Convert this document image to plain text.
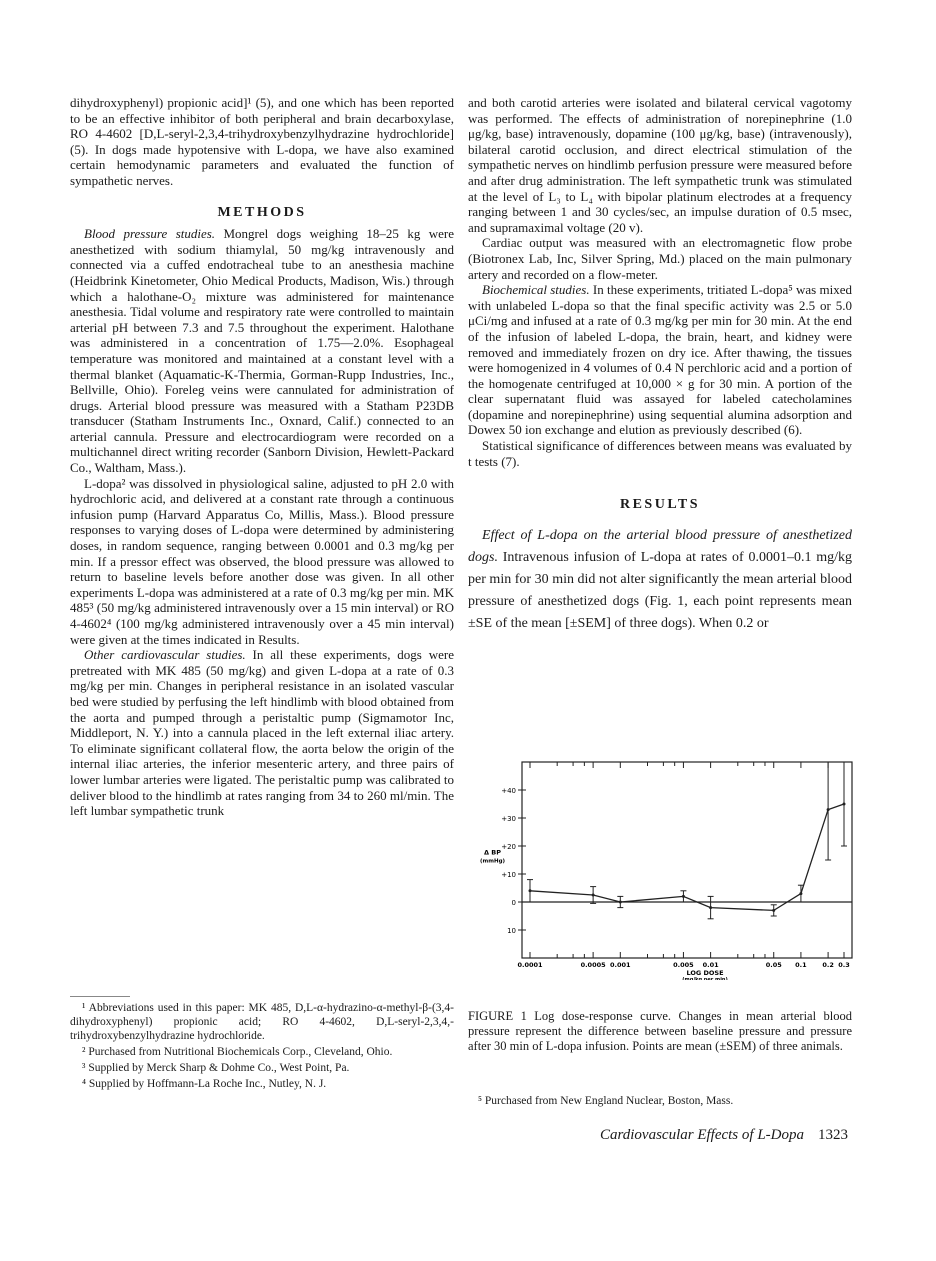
dihydroxyphenyl) propionic acid]¹ (5), and one which has been reported to be an effective inhibitor of both peripheral and brain decarboxylase, RO 4-4602 [D,L-seryl-2,3,4-trihydroxybenzylhydrazine hydrochloride] (5). In dogs made hypotensive with L-dopa, we have also examined certain hemodynamic parameters and evaluated the function of sympathetic nerves.

METHODS

Blood pressure studies. Mongrel dogs weighing 18–25 kg were anesthetized with sodium thiamylal, 50 mg/kg intravenously and connected via a cuffed endotracheal tube to an anesthesia machine (Heidbrink Kinetometer, Ohio Medical Products, Madison, Wis.) through which a halothane-O₂ mixture was administered for maintenance anesthesia. Tidal volume and respiratory rate were controlled to maintain arterial pH between 7.3 and 7.5 throughout the experiment. Halothane was administered in a concentration of 1.75—2.0%. Esophageal temperature was monitored and maintained at a constant level with a thermal blanket (Aquamatic-K-Thermia, Gorman-Rupp Industries, Inc., Bellville, Ohio). Foreleg veins were cannulated for administration of drugs. Arterial blood pressure was measured with a Statham P23DB transducer (Statham Instruments Inc., Oxnard, Calif.) connected to an arterial cannula. Pressure and electrocardiogram were recorded on a multichannel direct writing recorder (Sanborn Division, Hewlett-Packard Co., Waltham, Mass.).

L-dopa² was dissolved in physiological saline, adjusted to pH 2.0 with hydrochloric acid, and delivered at a constant rate through a continuous infusion pump (Harvard Apparatus Co, Millis, Mass.). Blood pressure responses to varying doses of L-dopa were determined by administering doses, in random sequence, ranging between 0.0001 and 0.3 mg/kg per min. If a pressor effect was observed, the blood pressure was allowed to return to baseline levels before another dose was given. In all other experiments L-dopa was administered at a rate of 0.3 mg/kg per min. MK 485³ (50 mg/kg administered intravenously over a 15 min interval) or RO 4-4602⁴ (100 mg/kg administered intravenously over a 45 min interval) were given at the times indicated in Results.

Other cardiovascular studies. In all these experiments, dogs were pretreated with MK 485 (50 mg/kg) and given L-dopa at a rate of 0.3 mg/kg per min. Changes in peripheral resistance in an isolated vascular bed were studied by perfusing the left hindlimb with blood obtained from the aorta and pumped through a peristaltic pump (Sigmamotor Inc, Middleport, N. Y.) into a cannula placed in the left external iliac artery. To eliminate significant collateral flow, the aorta below the origin of the internal iliac arteries, the inferior mesenteric artery, and three pairs of lower lumbar arteries were ligated. The peristaltic pump was calibrated to deliver blood to the hindlimb at rates ranging from 34 to 260 ml/min. The left lumbar sympathetic trunk

and both carotid arteries were isolated and bilateral cervical vagotomy was performed. The effects of administration of norepinephrine (1.0 μg/kg, base) intravenously, dopamine (100 μg/kg, base) (intravenously), bilateral carotid occlusion, and direct electrical stimulation of the sympathetic nerves on hindlimb perfusion pressure were measured before and after drug administration. The left sympathetic trunk was stimulated at the level of L₃ to L₄ with bipolar platinum electrodes at a frequency ranging between 1 and 30 cycles/sec, an impulse duration of 0.5 msec, and supramaximal voltage (20 v).

Cardiac output was measured with an electromagnetic flow probe (Biotronex Lab, Inc, Silver Spring, Md.) placed on the main pulmonary artery and recorded on a flow-meter.

Biochemical studies. In these experiments, tritiated L-dopa⁵ was mixed with unlabeled L-dopa so that the final specific activity was 2.5 or 5.0 μCi/mg and infused at a rate of 0.3 mg/kg per min for 30 min. At the end of the infusion of labeled L-dopa, the brain, heart, and kidney were removed and immediately frozen on dry ice. After thawing, the tissues were homogenized in 4 volumes of 0.4 N perchloric acid and a portion of the homogenate centrifuged at 10,000 × g for 30 min. A portion of the clear supernatant fluid was assayed for labeled catecholamines (dopamine and norepinephrine) using sequential alumina adsorption and Dowex 50 ion exchange and elution as previously described (6).

Statistical significance of differences between means was evaluated by t tests (7).

RESULTS

Effect of L-dopa on the arterial blood pressure of anesthetized dogs. Intravenous infusion of L-dopa at rates of 0.0001–0.1 mg/kg per min for 30 min did not alter significantly the mean arterial blood pressure of anesthetized dogs (Fig. 1, each point represents mean ±SE of the mean [±SEM] of three dogs). When 0.2 or

¹ Abbreviations used in this paper: MK 485, D,L-α-hydrazino-α-methyl-β-(3,4-dihydroxyphenyl) propionic acid; RO 4-4602, D,L-seryl-2,3,4,-trihydroxybenzylhydrazine hydrochloride.

² Purchased from Nutritional Biochemicals Corp., Cleveland, Ohio.

³ Supplied by Merck Sharp & Dohme Co., West Point, Pa.

⁴ Supplied by Hoffmann-La Roche Inc., Nutley, N. J.

+40
+30
+20
+10
0
10
0.0001	0.0005 0.001	0.005 0.01	0.05 0.1 0.2 0.3
Δ BP
(mmHg)
LOG DOSE
(mg/kg per min)
FIGURE 1 Log dose-response curve. Changes in mean arterial blood pressure represent the difference between baseline pressure and pressure after 30 min of L-dopa infusion. Points are mean (±SEM) of three animals.
⁵ Purchased from New England Nuclear, Boston, Mass.
Cardiovascular Effects of L-Dopa 1323
